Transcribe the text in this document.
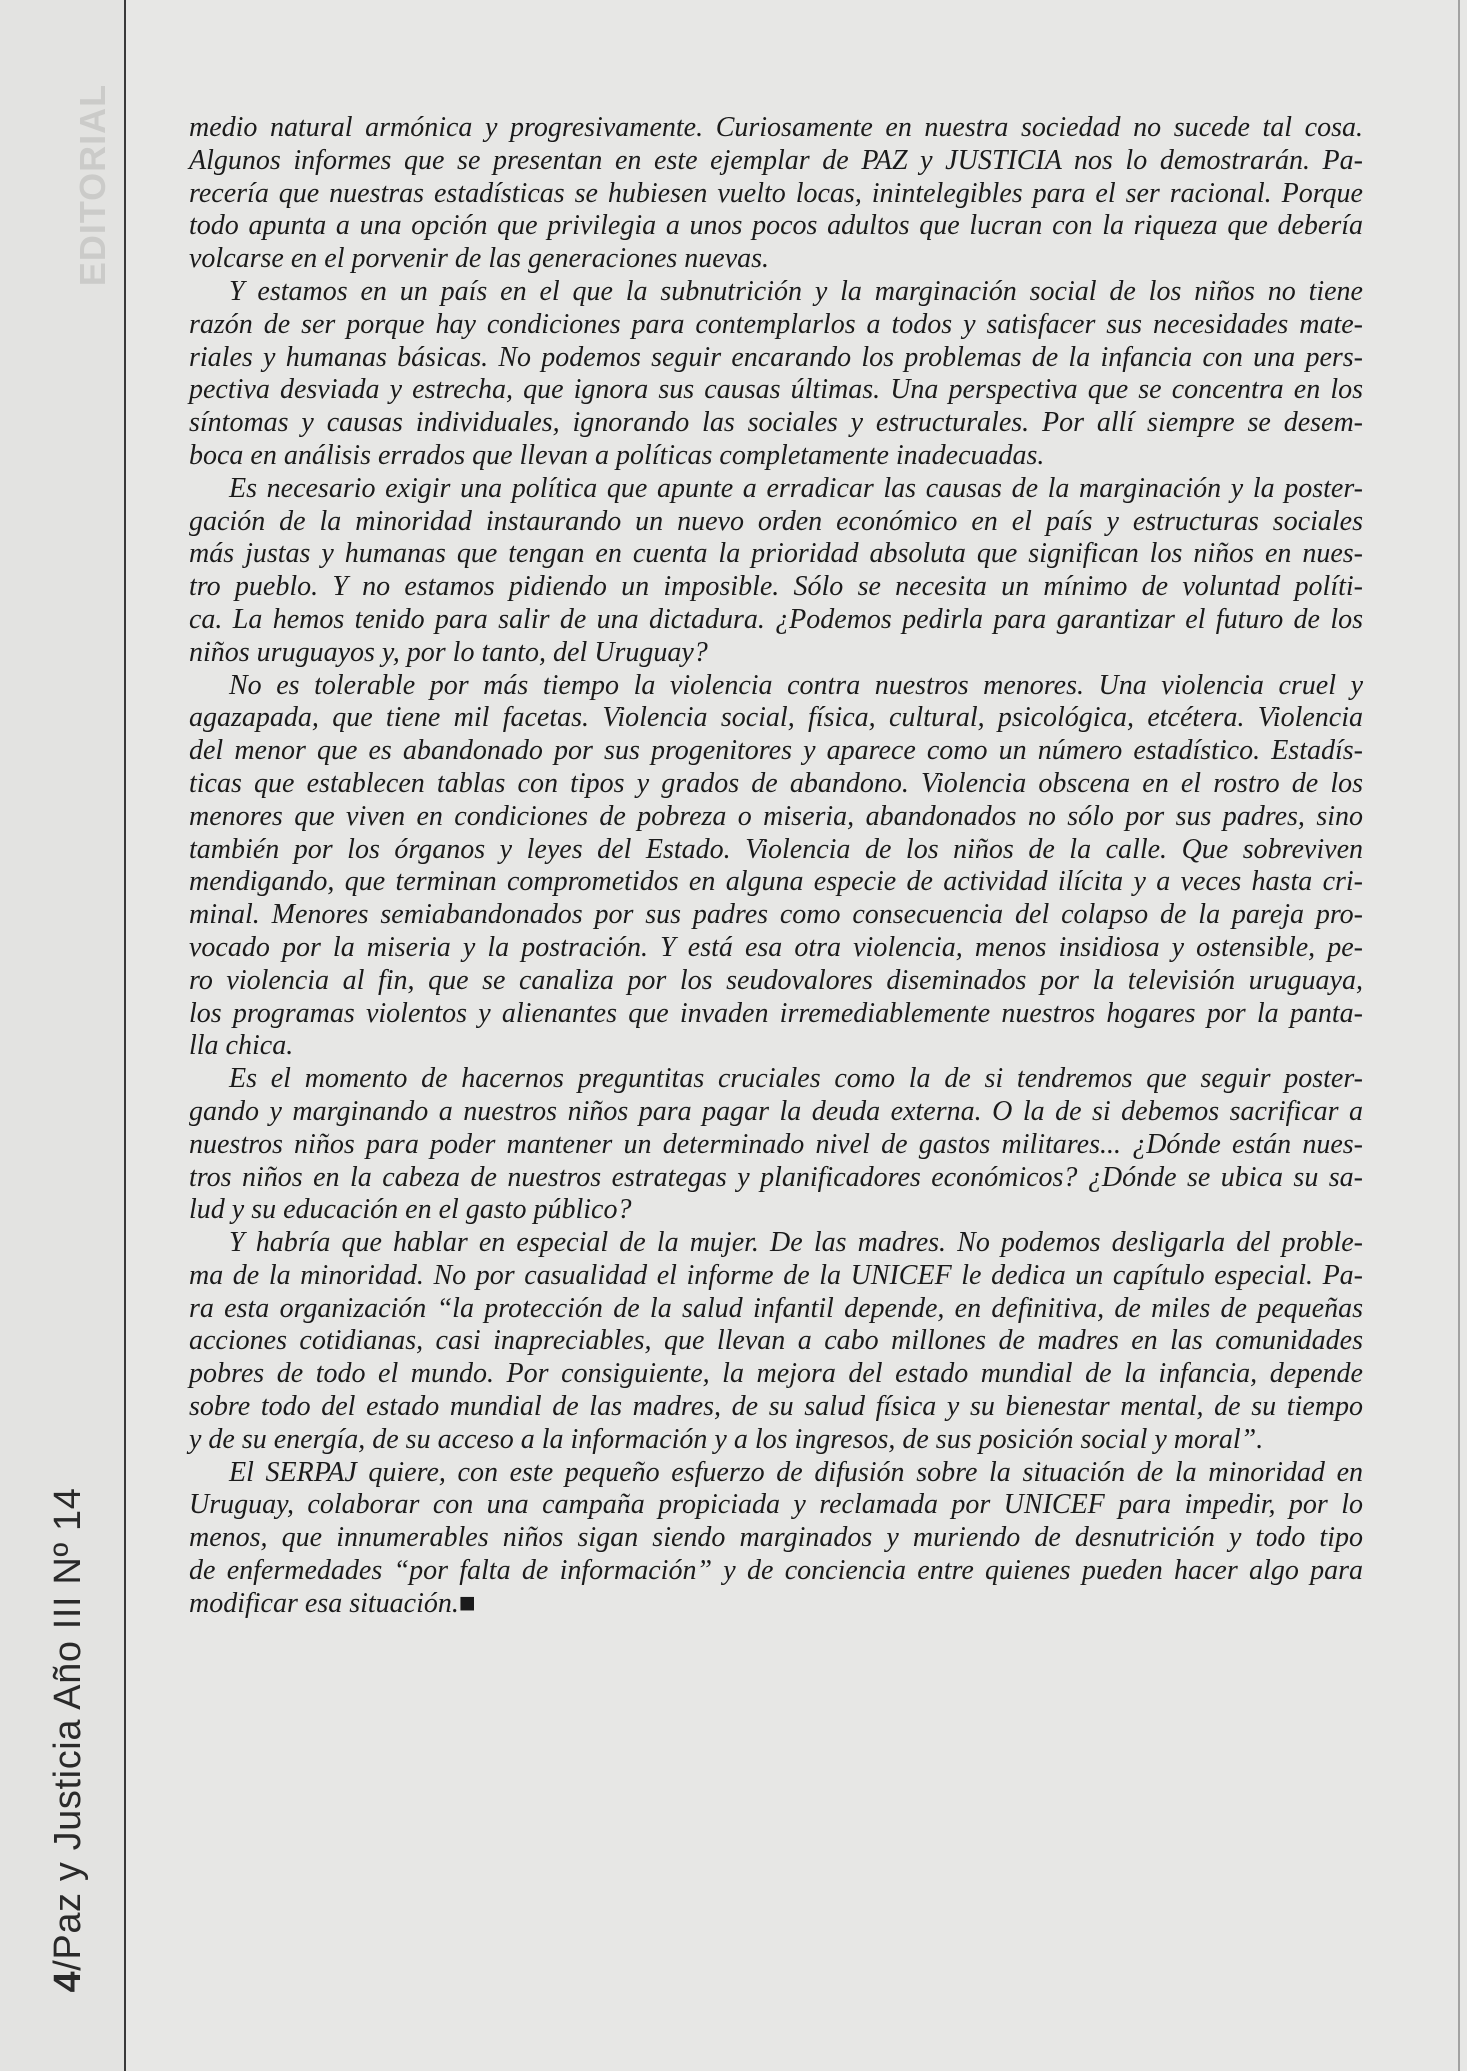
EDITORIAL
4/Paz y Justicia Año III Nº 14
medio natural armónica y progresivamente. Curiosamente en nuestra sociedad no sucede tal cosa.
Algunos informes que se presentan en este ejemplar de PAZ y JUSTICIA nos lo demostrarán. Pa-
recería que nuestras estadísticas se hubiesen vuelto locas, inintelegibles para el ser racional. Porque
todo apunta a una opción que privilegia a unos pocos adultos que lucran con la riqueza que debería
volcarse en el porvenir de las generaciones nuevas.
Y estamos en un país en el que la subnutrición y la marginación social de los niños no tiene
razón de ser porque hay condiciones para contemplarlos a todos y satisfacer sus necesidades mate-
riales y humanas básicas. No podemos seguir encarando los problemas de la infancia con una pers-
pectiva desviada y estrecha, que ignora sus causas últimas. Una perspectiva que se concentra en los
síntomas y causas individuales, ignorando las sociales y estructurales. Por allí siempre se desem-
boca en análisis errados que llevan a políticas completamente inadecuadas.
Es necesario exigir una política que apunte a erradicar las causas de la marginación y la poster-
gación de la minoridad instaurando un nuevo orden económico en el país y estructuras sociales
más justas y humanas que tengan en cuenta la prioridad absoluta que significan los niños en nues-
tro pueblo. Y no estamos pidiendo un imposible. Sólo se necesita un mínimo de voluntad políti-
ca. La hemos tenido para salir de una dictadura. ¿Podemos pedirla para garantizar el futuro de los
niños uruguayos y, por lo tanto, del Uruguay?
No es tolerable por más tiempo la violencia contra nuestros menores. Una violencia cruel y
agazapada, que tiene mil facetas. Violencia social, física, cultural, psicológica, etcétera. Violencia
del menor que es abandonado por sus progenitores y aparece como un número estadístico. Estadís-
ticas que establecen tablas con tipos y grados de abandono. Violencia obscena en el rostro de los
menores que viven en condiciones de pobreza o miseria, abandonados no sólo por sus padres, sino
también por los órganos y leyes del Estado. Violencia de los niños de la calle. Que sobreviven
mendigando, que terminan comprometidos en alguna especie de actividad ilícita y a veces hasta cri-
minal. Menores semiabandonados por sus padres como consecuencia del colapso de la pareja pro-
vocado por la miseria y la postración. Y está esa otra violencia, menos insidiosa y ostensible, pe-
ro violencia al fin, que se canaliza por los seudovalores diseminados por la televisión uruguaya,
los programas violentos y alienantes que invaden irremediablemente nuestros hogares por la panta-
lla chica.
Es el momento de hacernos preguntitas cruciales como la de si tendremos que seguir poster-
gando y marginando a nuestros niños para pagar la deuda externa. O la de si debemos sacrificar a
nuestros niños para poder mantener un determinado nivel de gastos militares... ¿Dónde están nues-
tros niños en la cabeza de nuestros estrategas y planificadores económicos? ¿Dónde se ubica su sa-
lud y su educación en el gasto público?
Y habría que hablar en especial de la mujer. De las madres. No podemos desligarla del proble-
ma de la minoridad. No por casualidad el informe de la UNICEF le dedica un capítulo especial. Pa-
ra esta organización “la protección de la salud infantil depende, en definitiva, de miles de pequeñas
acciones cotidianas, casi inapreciables, que llevan a cabo millones de madres en las comunidades
pobres de todo el mundo. Por consiguiente, la mejora del estado mundial de la infancia, depende
sobre todo del estado mundial de las madres, de su salud física y su bienestar mental, de su tiempo
y de su energía, de su acceso a la información y a los ingresos, de sus posición social y moral”.
El SERPAJ quiere, con este pequeño esfuerzo de difusión sobre la situación de la minoridad en
Uruguay, colaborar con una campaña propiciada y reclamada por UNICEF para impedir, por lo
menos, que innumerables niños sigan siendo marginados y muriendo de desnutrición y todo tipo
de enfermedades “por falta de información” y de conciencia entre quienes pueden hacer algo para
modificar esa situación.■
